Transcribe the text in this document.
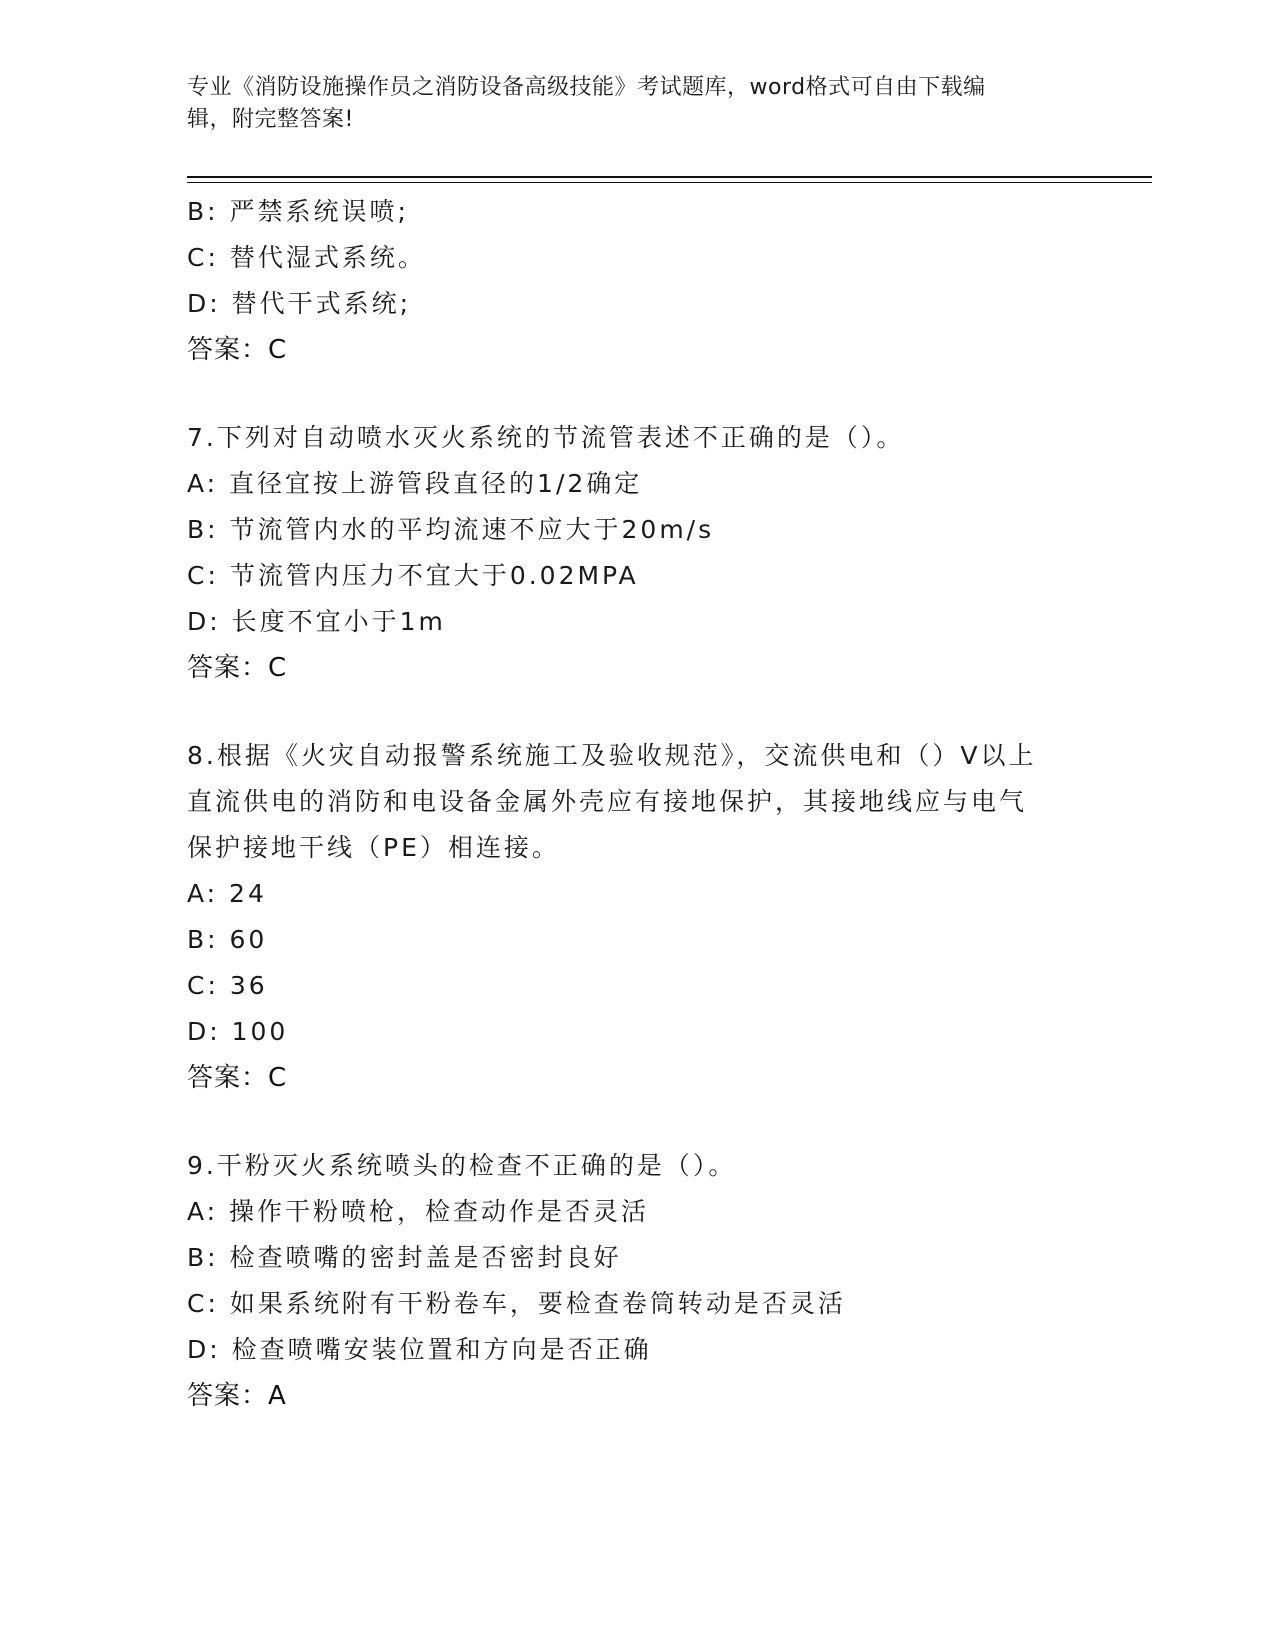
专业《消防设施操作员之消防设备高级技能》考试题库，word格式可自由下载编
辑，附完整答案!
B: 严禁系统误喷;
C: 替代湿式系统。
D: 替代干式系统;
答案：C
7.下列对自动喷水灭火系统的节流管表述不正确的是（）。
A: 直径宜按上游管段直径的1/2确定
B: 节流管内水的平均流速不应大于20m/s
C: 节流管内压力不宜大于0.02MPA
D: 长度不宜小于1m
答案：C
8.根据《火灾自动报警系统施工及验收规范》，交流供电和（）V以上
直流供电的消防和电设备金属外壳应有接地保护，其接地线应与电气
保护接地干线（PE）相连接。
A: 24
B: 60
C: 36
D: 100
答案：C
9.干粉灭火系统喷头的检查不正确的是（）。
A: 操作干粉喷枪，检查动作是否灵活
B: 检查喷嘴的密封盖是否密封良好
C: 如果系统附有干粉卷车，要检查卷筒转动是否灵活
D: 检查喷嘴安装位置和方向是否正确
答案：A
